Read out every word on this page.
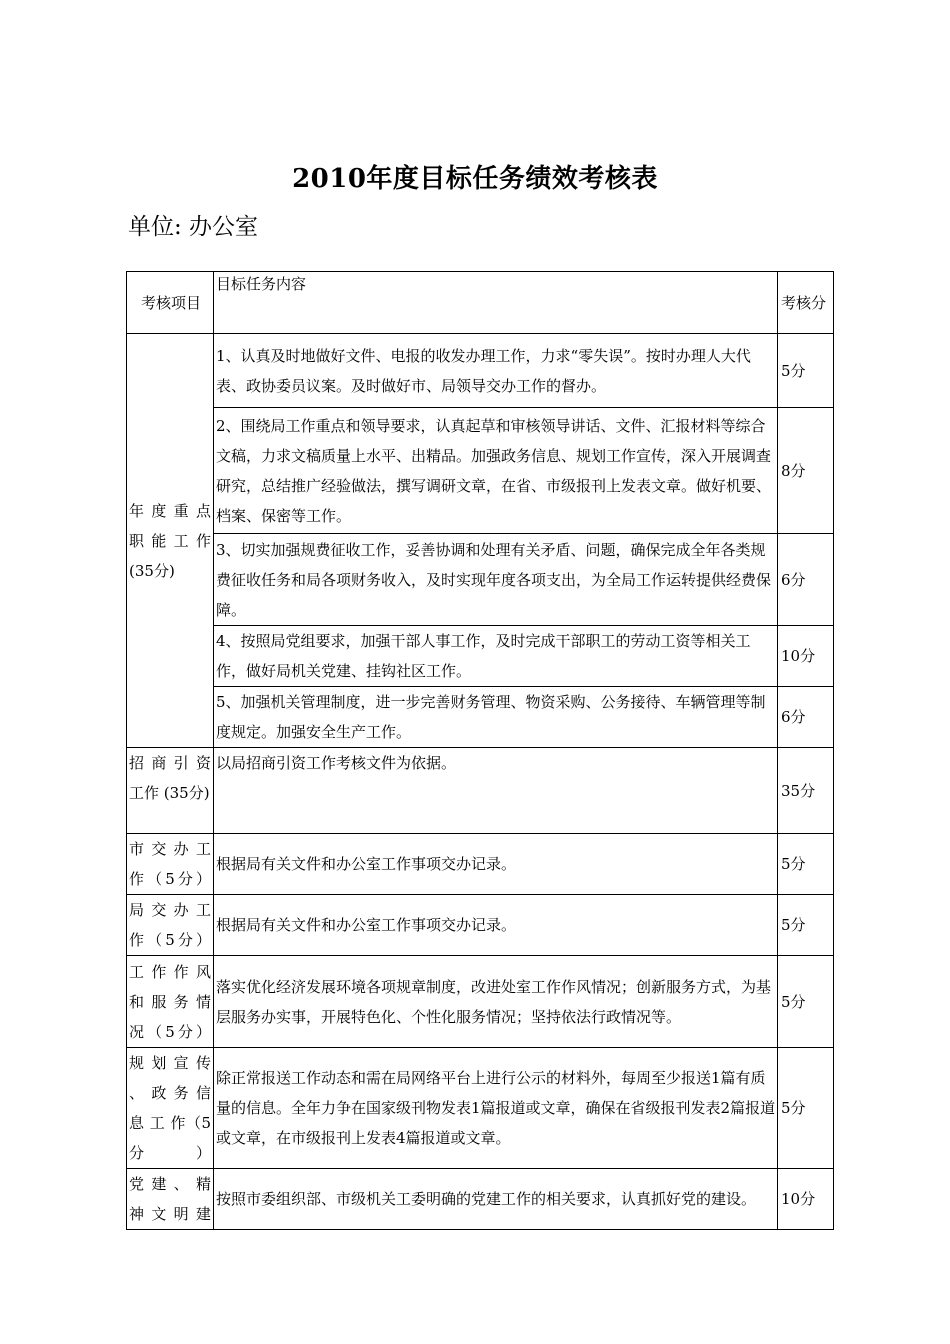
2010年度目标任务绩效考核表
单位: 办公室
考核项目	目标任务内容	考核分
年 度 重 点 职能工作 (35分)	1、认真及时地做好文件、电报的收发办理工作，力求“零失误”。按时办理人大代表、政协委员议案。及时做好市、局领导交办工作的督办。	5分
	2、围绕局工作重点和领导要求，认真起草和审核领导讲话、文件、汇报材料等综合文稿，力求文稿质量上水平、出精品。加强政务信息、规划工作宣传，深入开展调查研究，总结推广经验做法，撰写调研文章，在省、市级报刊上发表文章。做好机要、档案、保密等工作。	8分
	3、切实加强规费征收工作，妥善协调和处理有关矛盾、问题，确保完成全年各类规费征收任务和局各项财务收入，及时实现年度各项支出，为全局工作运转提供经费保障。	6分
	4、按照局党组要求，加强干部人事工作，及时完成干部职工的劳动工资等相关工作，做好局机关党建、挂钩社区工作。	10分
	5、加强机关管理制度，进一步完善财务管理、物资采购、公务接待、车辆管理等制度规定。加强安全生产工作。	6分
招 商 引 资 工作 (35分)	以局招商引资工作考核文件为依据。	35分
市 交 办 工 作（5分）	根据局有关文件和办公室工作事项交办记录。	5分
局 交 办 工 作（5分）	根据局有关文件和办公室工作事项交办记录。	5分
工 作 作 风 和 服 务 情 况（5分）	落实优化经济发展环境各项规章制度，改进处室工作作风情况；创新服务方式，为基层服务办实事，开展特色化、个性化服务情况；坚持依法行政情况等。	5分
规 划 宣 传 、 政 务 信 息 工 作（5分）	除正常报送工作动态和需在局网络平台上进行公示的材料外，每周至少报送1篇有质量的信息。全年力争在国家级刊物发表1篇报道或文章，确保在省级报刊发表2篇报道或文章，在市级报刊上发表4篇报道或文章。	5分
党 建 、 精 神 文 明 建	按照市委组织部、市级机关工委明确的党建工作的相关要求，认真抓好党的建设。	10分
